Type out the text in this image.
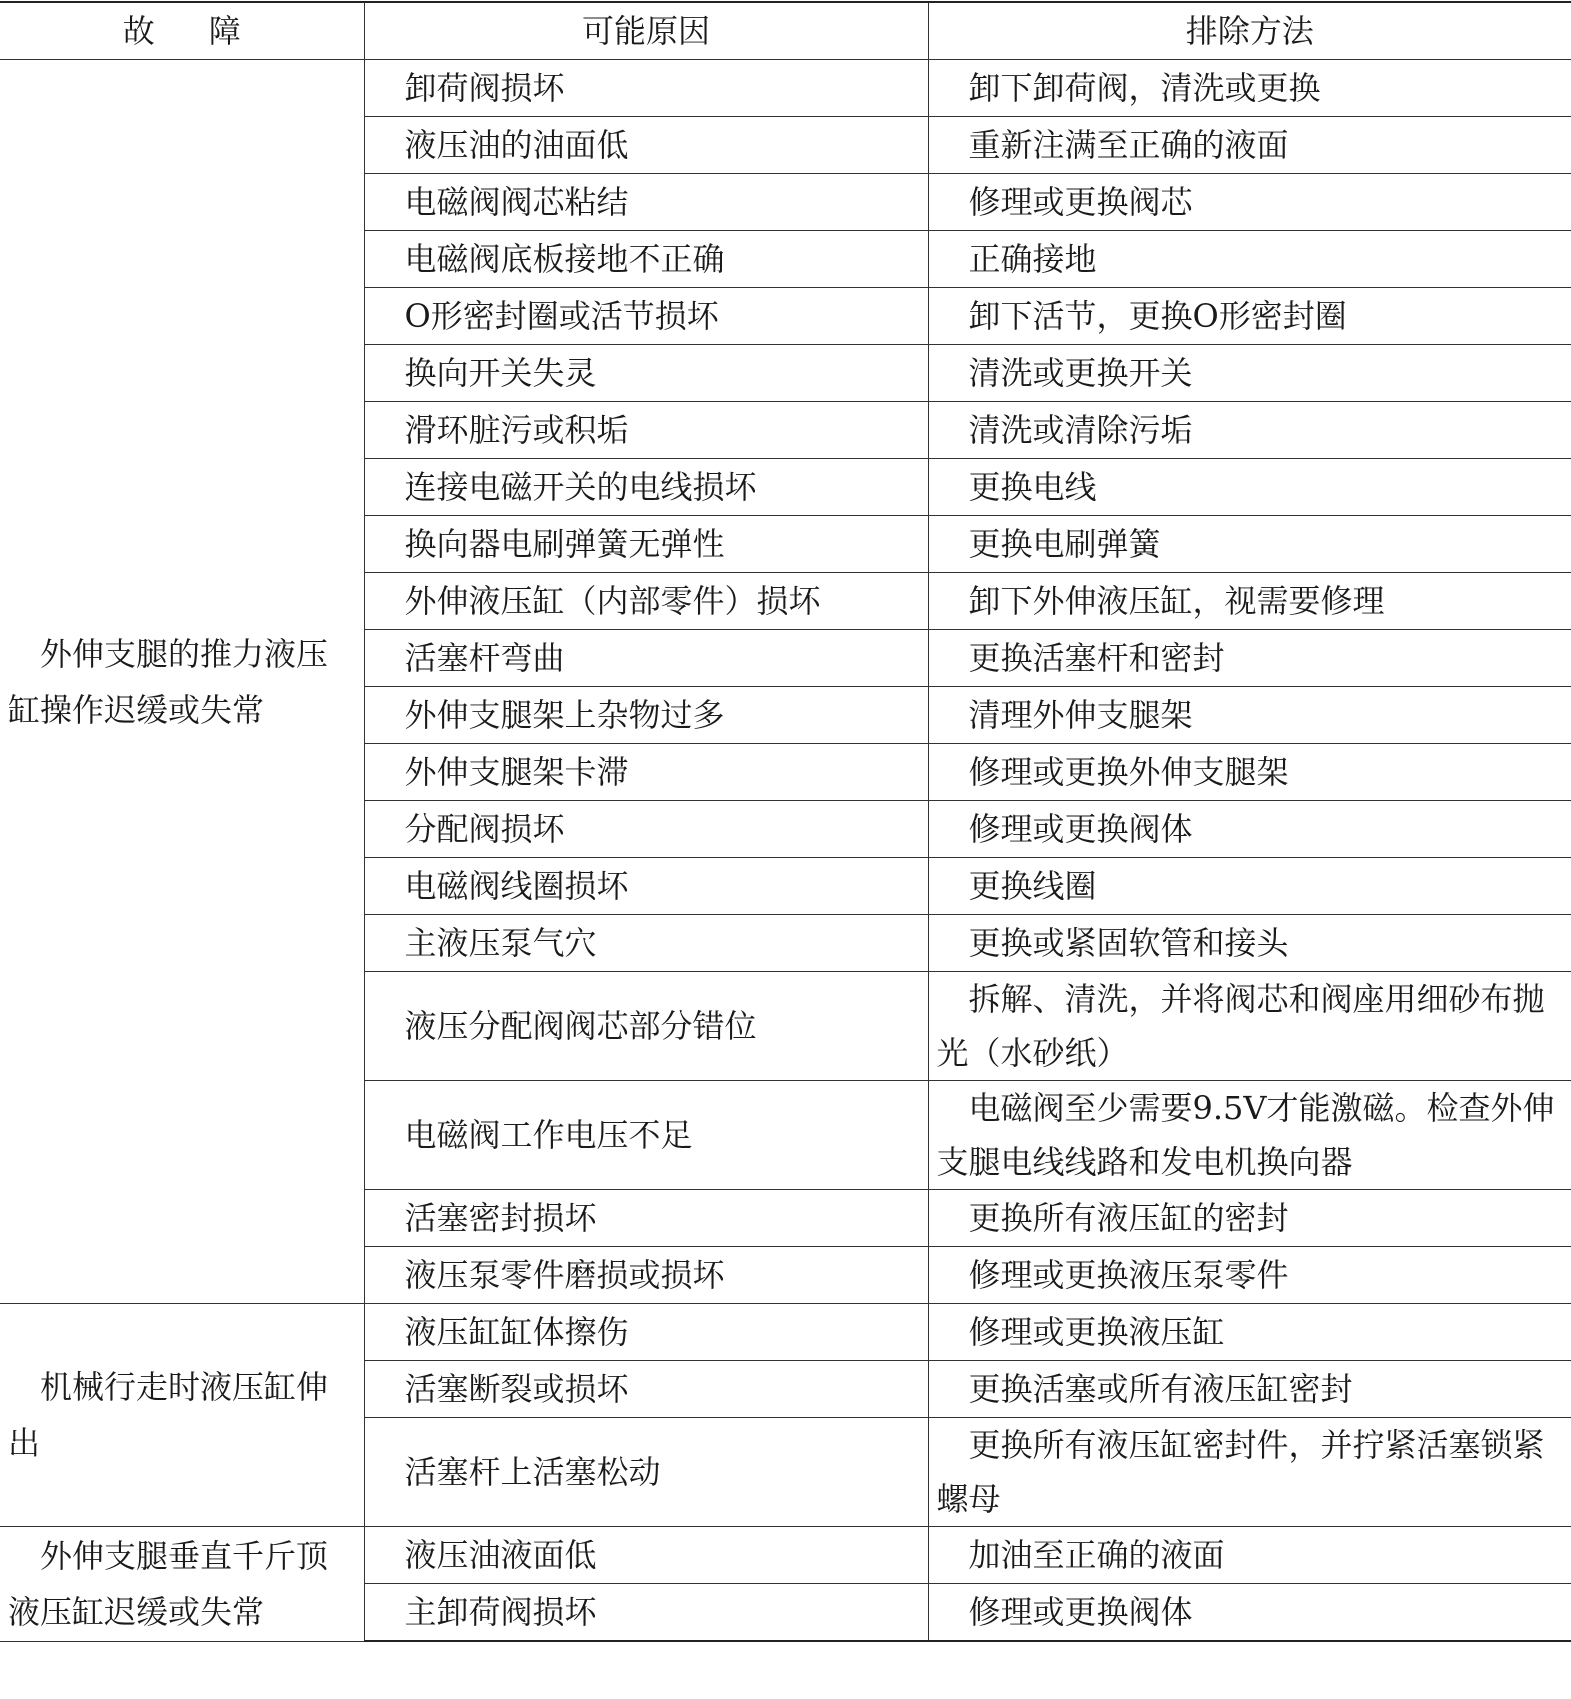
故障	可能原因	排除方法

外伸支腿的推力液压缸操作迟缓或失常	卸荷阀损坏	卸下卸荷阀，清洗或更换

	液压油的油面低	重新注满至正确的液面

	电磁阀阀芯粘结	修理或更换阀芯

	电磁阀底板接地不正确	正确接地

	O形密封圈或活节损坏	卸下活节，更换O形密封圈

	换向开关失灵	清洗或更换开关

	滑环脏污或积垢	清洗或清除污垢

	连接电磁开关的电线损坏	更换电线

	换向器电刷弹簧无弹性	更换电刷弹簧

	外伸液压缸（内部零件）损坏	卸下外伸液压缸，视需要修理

	活塞杆弯曲	更换活塞杆和密封

	外伸支腿架上杂物过多	清理外伸支腿架

	外伸支腿架卡滞	修理或更换外伸支腿架

	分配阀损坏	修理或更换阀体

	电磁阀线圈损坏	更换线圈

	主液压泵气穴	更换或紧固软管和接头

	液压分配阀阀芯部分错位	拆解、清洗，并将阀芯和阀座用细砂布抛光（水砂纸）

	电磁阀工作电压不足	电磁阀至少需要9.5V才能激磁。检查外伸支腿电线线路和发电机换向器

	活塞密封损坏	更换所有液压缸的密封

	液压泵零件磨损或损坏	修理或更换液压泵零件

机械行走时液压缸伸出	液压缸缸体擦伤	修理或更换液压缸

	活塞断裂或损坏	更换活塞或所有液压缸密封

	活塞杆上活塞松动	更换所有液压缸密封件，并拧紧活塞锁紧螺母

外伸支腿垂直千斤顶液压缸迟缓或失常	液压油液面低	加油至正确的液面

	主卸荷阀损坏	修理或更换阀体
